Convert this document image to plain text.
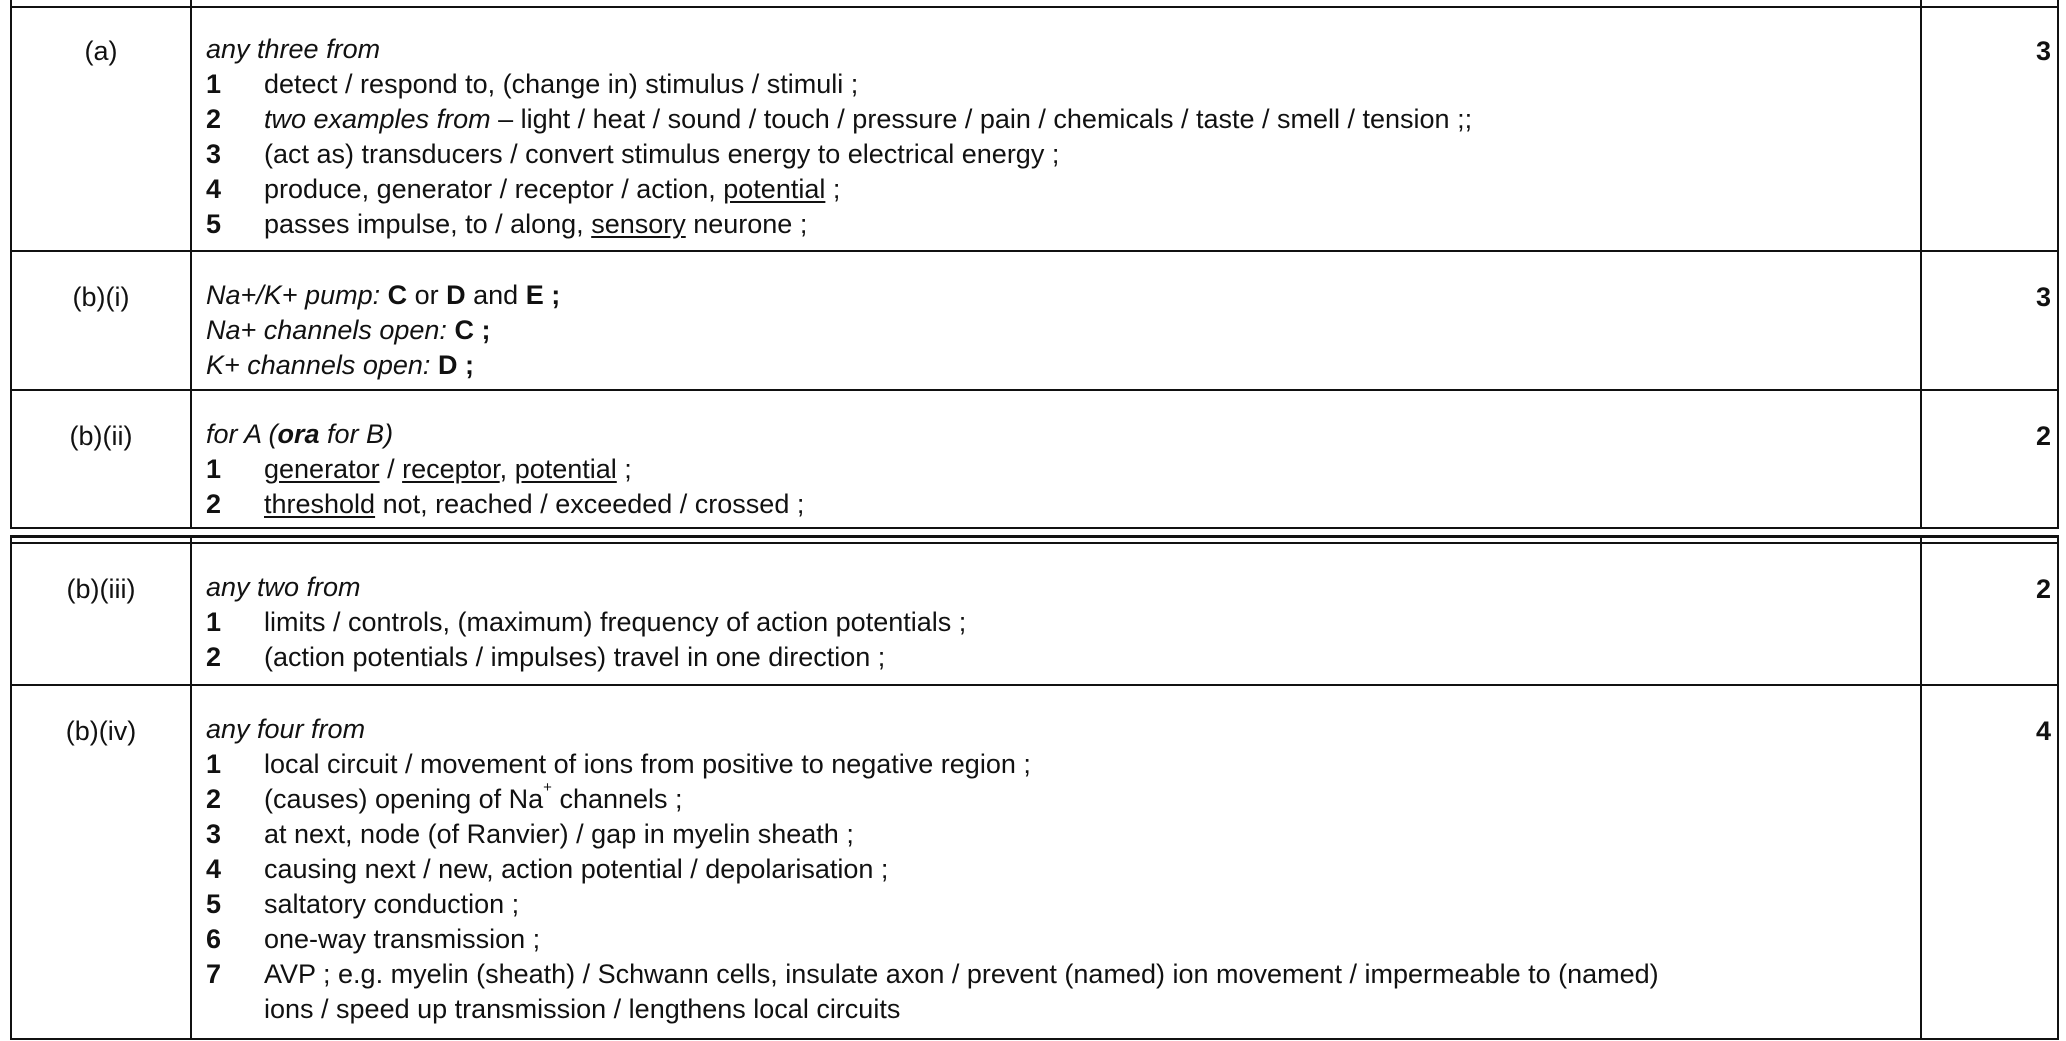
(a)	any three from
1 detect / respond to, (change in) stimulus / stimuli ;
2 two examples from – light / heat / sound / touch / pressure / pain / chemicals / taste / smell / tension ;;
3 (act as) transducers / convert stimulus energy to electrical energy ;
4 produce, generator / receptor / action, potential ;
5 passes impulse, to / along, sensory neurone ;
3
(b)(i)	Na+/K+ pump: C or D and E ;
Na+ channels open: C ;
K+ channels open: D ;
3
(b)(ii)	for A (ora for B)
1 generator / receptor, potential ;
2 threshold not, reached / exceeded / crossed ;
2
(b)(iii)	any two from
1 limits / controls, (maximum) frequency of action potentials ;
2 (action potentials / impulses) travel in one direction ;
2
(b)(iv)	any four from
1 local circuit / movement of ions from positive to negative region ;
2 (causes) opening of Na+ channels ;
3 at next, node (of Ranvier) / gap in myelin sheath ;
4 causing next / new, action potential / depolarisation ;
5 saltatory conduction ;
6 one-way transmission ;
7 AVP ; e.g. myelin (sheath) / Schwann cells, insulate axon / prevent (named) ion movement / impermeable to (named)
ions / speed up transmission / lengthens local circuits
4
